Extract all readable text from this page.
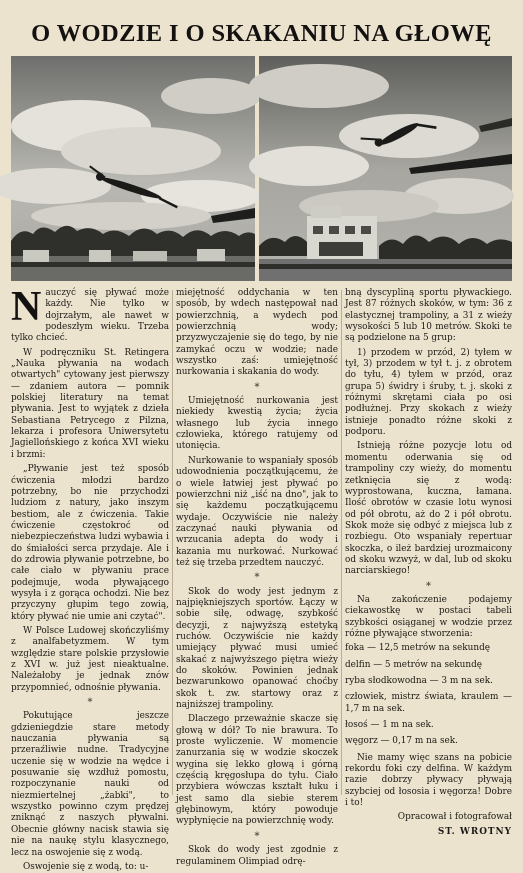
O WODZIE I O SKAKANIU NA GŁOWĘ

Nauczyć się pływać może każdy. Nie tylko w dojrzałym, ale nawet w podeszłym wieku. Trzeba tylko chcieć.

W podręczniku St. Retingera „Nauka pływania na wodach otwartych" cytowany jest pierwszy — zdaniem autora — pomnik polskiej literatury na temat pływania. Jest to wyjątek z dzieła Sebastiana Petrycego z Pilzna, lekarza i profesora Uniwersytetu Jagiellońskiego z końca XVI wieku i brzmi:

„Pływanie jest też sposób ćwiczenia młodzi bardzo potrzebny, bo nie przychodzi ludziom z natury, jako inszym bestiom, ale z ćwiczenia. Takie ćwiczenie częstokroć od niebezpieczeństwa ludzi wybawia i do śmiałości serca przydaje. Ale i do zdrowia pływanie potrzebne, bo całe ciało w pływaniu prace podejmuje, woda pływającego wysyła i z gorąca ochodzi. Nie bez przyczyny głupim tego zowią, który pływać nie umie ani czytać".

W Polsce Ludowej skończyliśmy z analfabetyzmem. W tym względzie stare polskie przysłowie z XVI w. już jest nieaktualne. Należałoby je jednak znów przypomnieć, odnośnie pływania.

*

Pokutujące jeszcze gdzieniegdzie stare metody nauczania pływania są przeraźliwie nudne. Tradycyjne uczenie się w wodzie na wędce i posuwanie się wzdłuż pomostu, rozpoczynanie nauki od niezmiertelnej „żabki", to wszystko powinno czym prędzej zniknąć z naszych pływalni. Obecnie główny nacisk stawia się nie na naukę stylu klasycznego, lecz na oswojenie się z wodą.

Oswojenie się z wodą, to: u-

miejętność oddychania w ten sposób, by wdech następował nad powierzchnią, a wydech pod powierzchnią wody; przyzwyczajenie się do tego, by nie zamykać oczu w wodzie; nade wszystko zaś: umiejętność nurkowania i skakania do wody.

*

Umiejętność nurkowania jest niekiedy kwestią życia; życia własnego lub życia innego człowieka, którego ratujemy od utonięcia.

Nurkowanie to wspaniały sposób udowodnienia początkującemu, że o wiele łatwiej jest pływać po powierzchni niż „iść na dno", jak to się każdemu początkującemu wydaje. Oczywiście nie należy zaczynać nauki pływania od wrzucania adepta do wody i kazania mu nurkować. Nurkować też się trzeba przedtem nauczyć.

*

Skok do wody jest jednym z najpiękniejszych sportów. Łączy w sobie siłę, odwagę, szybkość decyzji, z najwyższą estetyką ruchów. Oczywiście nie każdy umiejący pływać musi umieć skakać z najwyższego piętra wieży do skoków. Powinien jednak bezwarunkowo opanować choćby skok t. zw. startowy oraz z najniższej trampoliny.

Dlaczego przeważnie skacze się głową w dół? To nie brawura. To proste wyliczenie. W momencie zanurzania się w wodzie skoczek wygina się lekko głową i górną częścią kręgosłupa do tyłu. Ciało przybiera wówczas kształt łuku i jest samo dla siebie sterem głębinowym, który powoduje wypłynięcie na powierzchnię wody.

*

Skok do wody jest zgodnie z regulaminem Olimpiad odrę-

bną dyscypliną sportu pływackiego. Jest 87 różnych skoków, w tym: 36 z elastycznej trampoliny, a 31 z wieży wysokości 5 lub 10 metrów. Skoki te są podzielone na 5 grup:

1) przodem w przód, 2) tyłem w tył, 3) przodem w tył t. j. z obrotem do tyłu, 4) tyłem w przód, oraz grupa 5) świdry i śruby, t. j. skoki z różnymi skrętami ciała po osi podłużnej. Przy skokach z wieży istnieje ponadto różne skoki z podporu.

Istnieją różne pozycje lotu od momentu oderwania się od trampoliny czy wieży, do momentu zetknięcia się z wodą: wyprostowana, kuczna, łamana. Ilość obrotów w czasie lotu wynosi od pół obrotu, aż do 2 i pół obrotu. Skok może się odbyć z miejsca lub z rozbiegu. Oto wspaniały repertuar skoczka, o ileż bardziej urozmaicony od skoku wzwyż, w dal, lub od skoku narciarskiego!

*

Na zakończenie podajemy ciekawostkę w postaci tabeli szybkości osiąganej w wodzie przez różne pływające stworzenia:

foka — 12,5 metrów na sekundę

delfin — 5 metrów na sekundę

ryba słodkowodna — 3 m na sek.

człowiek, mistrz świata, kraulem — 1,7 m na sek.

łosoś — 1 m na sek.

węgorz — 0,17 m na sek.

Nie mamy więc szans na pobicie rekordu foki czy delfina. W każdym razie dobrzy pływacy pływają szybciej od łososia i węgorza! Dobre i to!

Opracował i fotografował

ST. WROTNY
